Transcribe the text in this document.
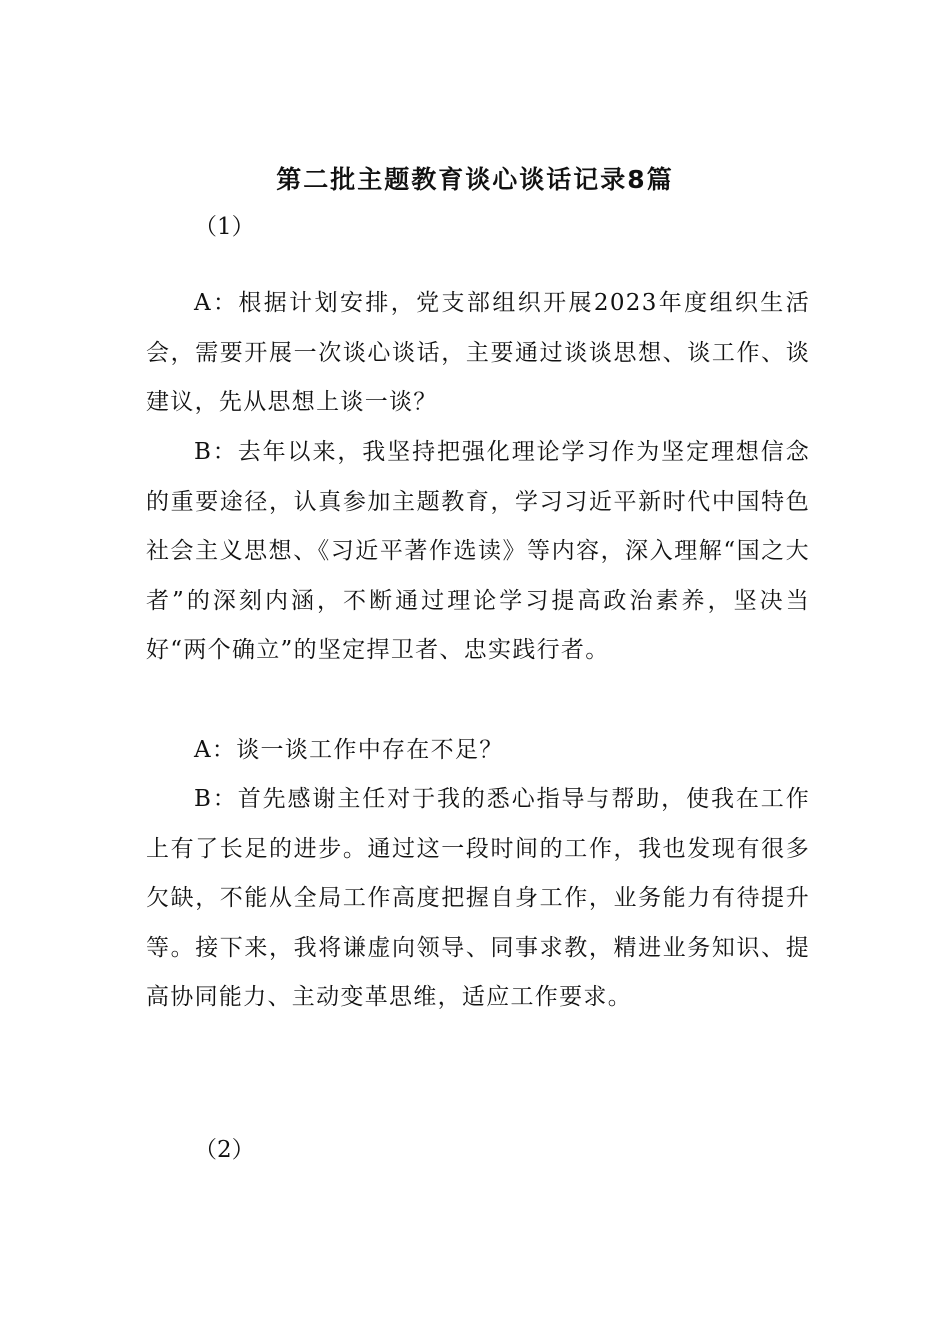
第二批主题教育谈心谈话记录8篇
（1）

A：根据计划安排，党支部组织开展2023年度组织生活会，需要开展一次谈心谈话，主要通过谈谈思想、谈工作、谈建议，先从思想上谈一谈？

B：去年以来，我坚持把强化理论学习作为坚定理想信念的重要途径，认真参加主题教育，学习习近平新时代中国特色社会主义思想、《习近平著作选读》等内容，深入理解“国之大者”的深刻内涵，不断通过理论学习提高政治素养，坚决当好“两个确立”的坚定捍卫者、忠实践行者。

A：谈一谈工作中存在不足？

B：首先感谢主任对于我的悉心指导与帮助，使我在工作上有了长足的进步。通过这一段时间的工作，我也发现有很多欠缺，不能从全局工作高度把握自身工作，业务能力有待提升等。接下来，我将谦虚向领导、同事求教，精进业务知识、提高协同能力、主动变革思维，适应工作要求。

（2）
